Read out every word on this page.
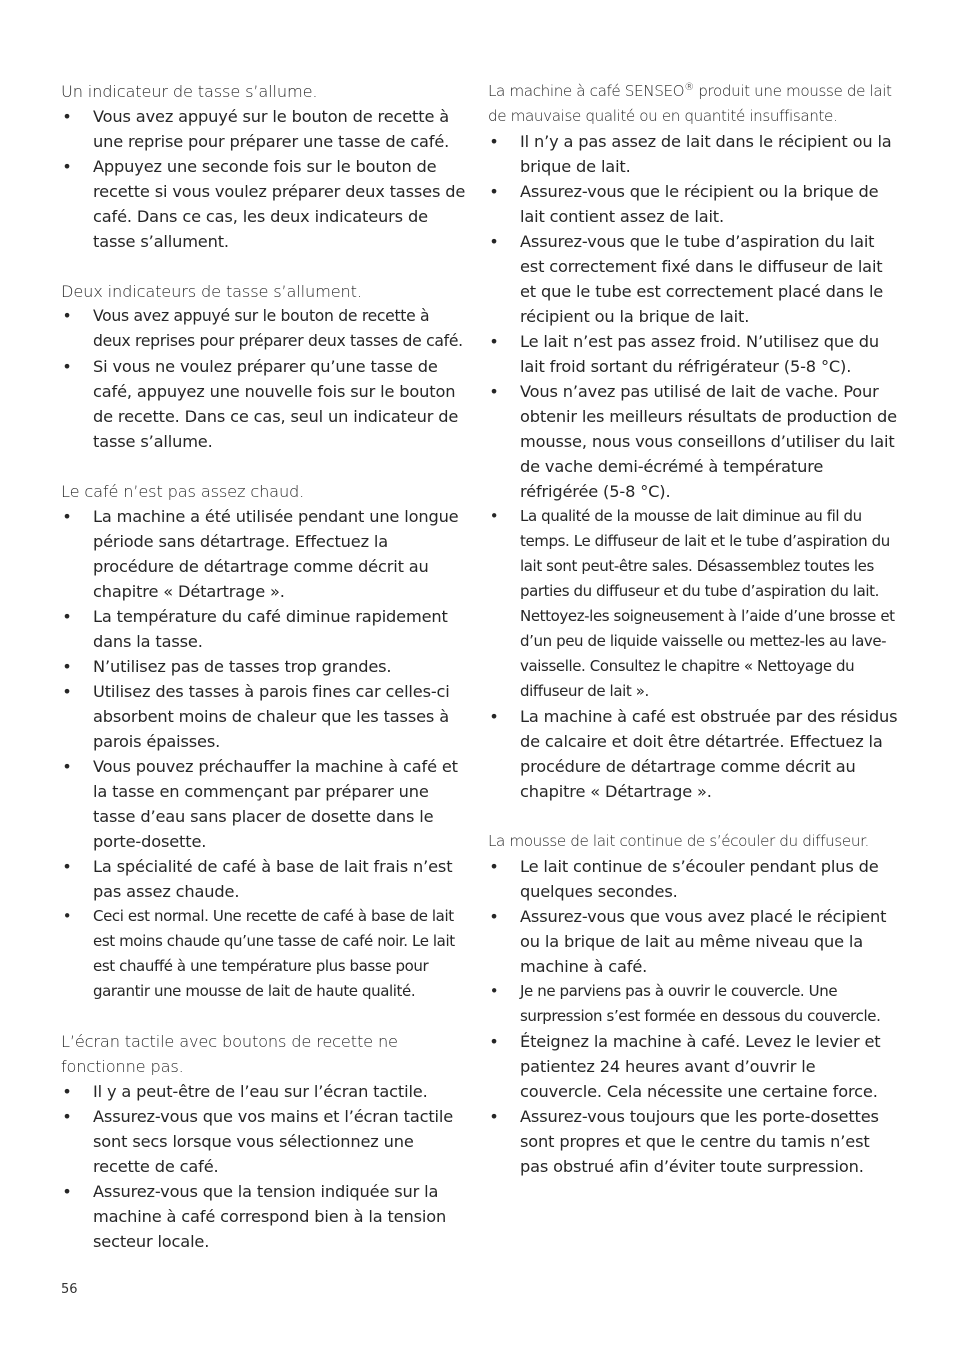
Un indicateur de tasse s’allume.

• Vous avez appuyé sur le bouton de recette à une reprise pour préparer une tasse de café.
• Appuyez une seconde fois sur le bouton de recette si vous voulez préparer deux tasses de café. Dans ce cas, les deux indicateurs de tasse s’allument.

Deux indicateurs de tasse s’allument.

• Vous avez appuyé sur le bouton de recette à deux reprises pour préparer deux tasses de café.
• Si vous ne voulez préparer qu’une tasse de café, appuyez une nouvelle fois sur le bouton de recette. Dans ce cas, seul un indicateur de tasse s’allume.

Le café n’est pas assez chaud.

• La machine a été utilisée pendant une longue période sans détartrage. Effectuez la procédure de détartrage comme décrit au chapitre « Détartrage ».
• La température du café diminue rapidement dans la tasse.
• N’utilisez pas de tasses trop grandes.
• Utilisez des tasses à parois fines car celles-ci absorbent moins de chaleur que les tasses à parois épaisses.
• Vous pouvez préchauffer la machine à café et la tasse en commençant par préparer une tasse d’eau sans placer de dosette dans le porte-dosette.
• La spécialité de café à base de lait frais n’est pas assez chaude.
• Ceci est normal. Une recette de café à base de lait est moins chaude qu’une tasse de café noir. Le lait est chauffé à une température plus basse pour garantir une mousse de lait de haute qualité.

L’écran tactile avec boutons de recette ne fonctionne pas.

• Il y a peut-être de l’eau sur l’écran tactile.
• Assurez-vous que vos mains et l’écran tactile sont secs lorsque vous sélectionnez une recette de café.
• Assurez-vous que la tension indiquée sur la machine à café correspond bien à la tension secteur locale.

La machine à café SENSEO® produit une mousse de lait de mauvaise qualité ou en quantité insuffisante.

• Il n’y a pas assez de lait dans le récipient ou la brique de lait.
• Assurez-vous que le récipient ou la brique de lait contient assez de lait.
• Assurez-vous que le tube d’aspiration du lait est correctement fixé dans le diffuseur de lait et que le tube est correctement placé dans le récipient ou la brique de lait.
• Le lait n’est pas assez froid. N’utilisez que du lait froid sortant du réfrigérateur (5-8 °C).
• Vous n’avez pas utilisé de lait de vache. Pour obtenir les meilleurs résultats de production de mousse, nous vous conseillons d’utiliser du lait de vache demi-écrémé à température réfrigérée (5-8 °C).
• La qualité de la mousse de lait diminue au fil du temps. Le diffuseur de lait et le tube d’aspiration du lait sont peut-être sales. Désassemblez toutes les parties du diffuseur et du tube d’aspiration du lait. Nettoyez-les soigneusement à l’aide d’une brosse et d’un peu de liquide vaisselle ou mettez-les au lave-vaisselle. Consultez le chapitre « Nettoyage du diffuseur de lait ».
• La machine à café est obstruée par des résidus de calcaire et doit être détartrée. Effectuez la procédure de détartrage comme décrit au chapitre « Détartrage ».

La mousse de lait continue de s’écouler du diffuseur.

• Le lait continue de s’écouler pendant plus de quelques secondes.
• Assurez-vous que vous avez placé le récipient ou la brique de lait au même niveau que la machine à café.
• Je ne parviens pas à ouvrir le couvercle. Une surpression s’est formée en dessous du couvercle.
• Éteignez la machine à café. Levez le levier et patientez 24 heures avant d’ouvrir le couvercle. Cela nécessite une certaine force.
• Assurez-vous toujours que les porte-dosettes sont propres et que le centre du tamis n’est pas obstrué afin d’éviter toute surpression.
56
